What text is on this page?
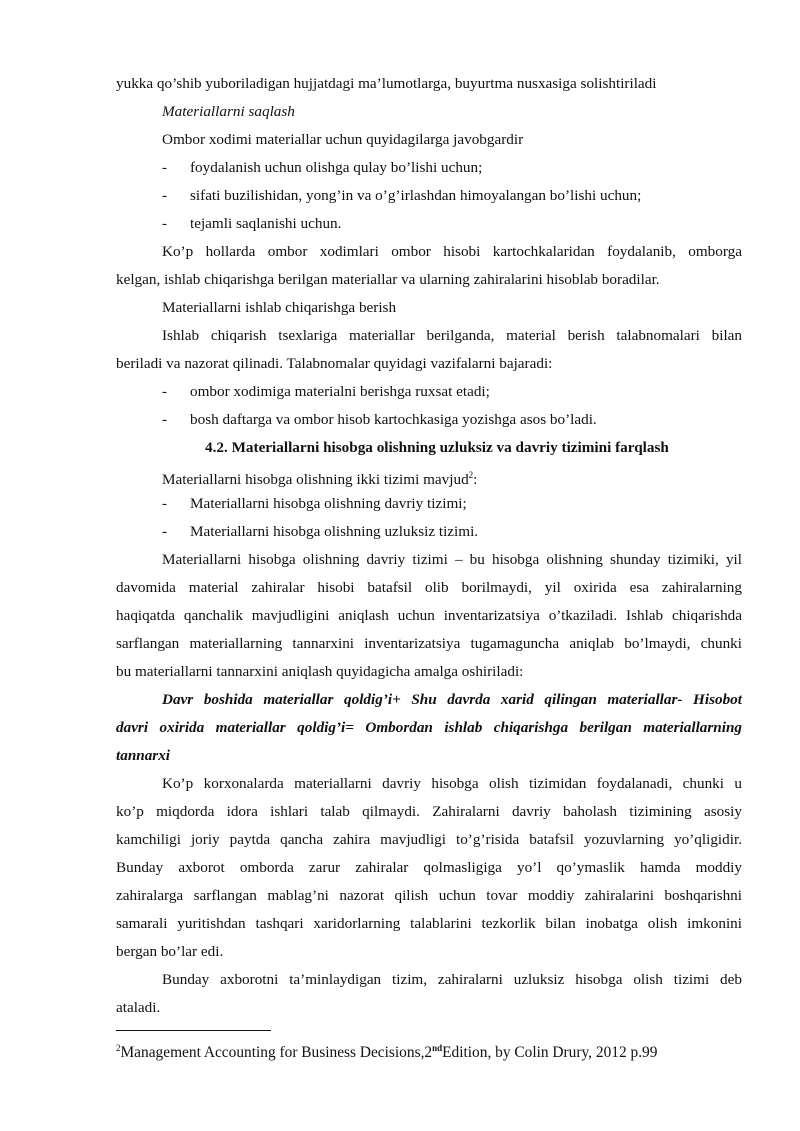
yukka qo’shib yuboriladigan hujjatdagi ma’lumotlarga, buyurtma nusxasiga solishtiriladi
Materiallarni saqlash
Ombor xodimi materiallar uchun quyidagilarga javobgardir
-	foydalanish uchun olishga qulay bo’lishi uchun;
-	sifati buzilishidan, yong’in va o’g’irlashdan himoyalangan bo’lishi uchun;
-	tejamli saqlanishi uchun.
Ko’p hollarda ombor xodimlari ombor hisobi kartochkalaridan foydalanib, omborga
kelgan, ishlab chiqarishga berilgan materiallar va ularning zahiralarini hisoblab boradilar.
Materiallarni ishlab chiqarishga berish
Ishlab chiqarish tsexlariga materiallar berilganda, material berish talabnomalari bilan
beriladi va nazorat qilinadi. Talabnomalar quyidagi vazifalarni bajaradi:
-	ombor xodimiga materialni berishga ruxsat etadi;
-	bosh daftarga va ombor hisob kartochkasiga yozishga asos bo’ladi.
4.2. Materiallarni hisobga olishning uzluksiz va davriy tizimini farqlash
Materiallarni hisobga olishning ikki tizimi mavjud$^2$:
-	Materiallarni hisobga olishning davriy tizimi;
-	Materiallarni hisobga olishning uzluksiz tizimi.
Materiallarni hisobga olishning davriy tizimi – bu hisobga olishning shunday tizimiki, yil
davomida material zahiralar hisobi batafsil olib borilmaydi, yil oxirida esa zahiralarning
haqiqatda qanchalik mavjudligini aniqlash uchun inventarizatsiya o’tkaziladi. Ishlab chiqarishda
sarflangan materiallarning tannarxini inventarizatsiya tugamaguncha aniqlab bo’lmaydi, chunki
bu materiallarni tannarxini aniqlash quyidagicha amalga oshiriladi:
Davr boshida materiallar qoldig’i+ Shu davrda xarid qilingan materiallar- Hisobot
davri oxirida materiallar qoldig’i= Ombordan ishlab chiqarishga berilgan materiallarning
tannarxi
Ko’p korxonalarda materiallarni davriy hisobga olish tizimidan foydalanadi, chunki u
ko’p miqdorda idora ishlari talab qilmaydi. Zahiralarni davriy baholash tizimining asosiy
kamchiligi joriy paytda qancha zahira mavjudligi to’g’risida batafsil yozuvlarning yo’qligidir.
Bunday axborot omborda zarur zahiralar qolmasligiga yo’l qo’ymaslik hamda moddiy
zahiralarga sarflangan mablag’ni nazorat qilish uchun tovar moddiy zahiralarini boshqarishni
samarali yuritishdan tashqari xaridorlarning talablarini tezkorlik bilan inobatga olish imkonini
bergan bo’lar edi.
Bunday axborotni ta’minlaydigan tizim, zahiralarni uzluksiz hisobga olish tizimi deb
ataladi.
$^2$Management Accounting for Business Decisions,2ndEdition, by Colin Drury, 2012 p.99
